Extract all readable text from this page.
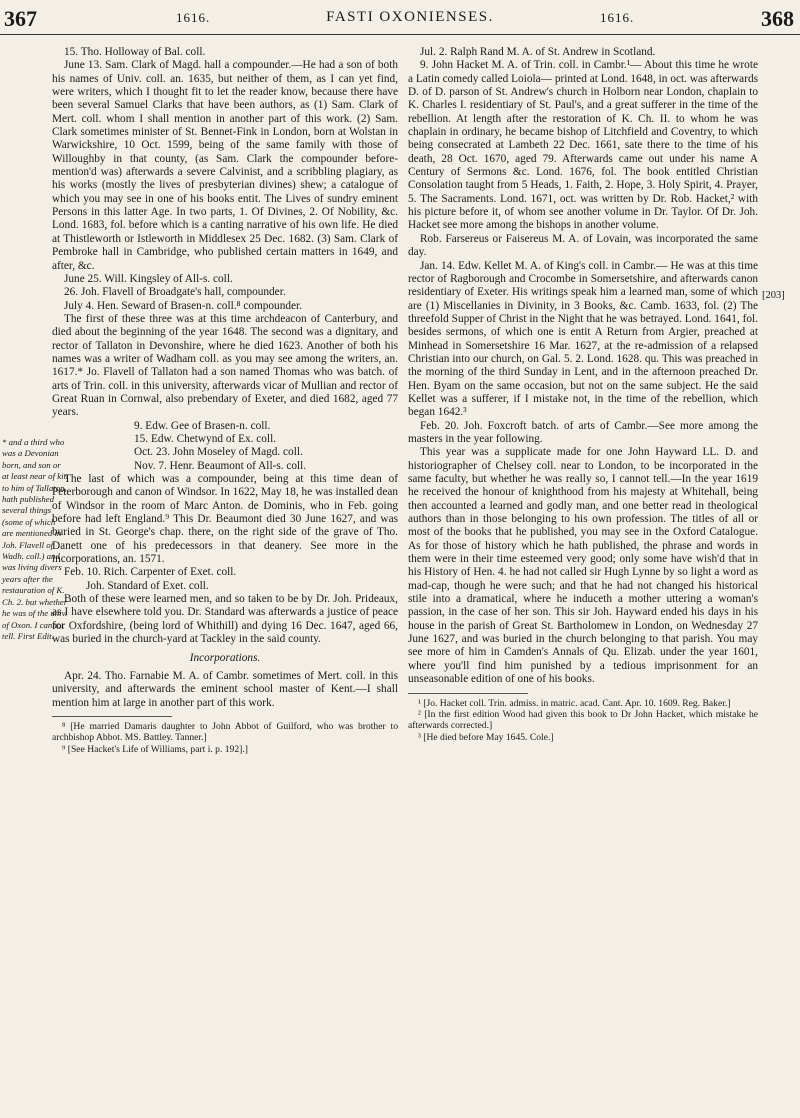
367	1616.	FASTI OXONIENSES.	1616.	368
* and a third who was a Devonian born, and son or at least near of kin to him of Tallaton, hath published several things (some of which are mentioned in Joh. Flavell of Wadh. coll.) and was living divers years after the restauration of K. Ch. 2. but whether he was of the univ. of Oxon. I cannot tell. First Edit.
[203]

15. Tho. Holloway of Bal. coll.

June 13. Sam. Clark of Magd. hall a compounder.—He had a son of both his names of Univ. coll. an. 1635, but neither of them, as I can yet find, were writers, which I thought fit to let the reader know, because there have been several Samuel Clarks that have been authors, as (1) Sam. Clark of Mert. coll. whom I shall mention in another part of this work. (2) Sam. Clark sometimes minister of St. Bennet-Fink in London, born at Wolstan in Warwickshire, 10 Oct. 1599, being of the same family with those of Willoughby in that county, (as Sam. Clark the compounder before-mention'd was) afterwards a severe Calvinist, and a scribbling plagiary, as his works (mostly the lives of presbyterian divines) shew; a catalogue of which you may see in one of his books entit. The Lives of sundry eminent Persons in this latter Age. In two parts, 1. Of Divines, 2. Of Nobility, &c. Lond. 1683, fol. before which is a canting narrative of his own life. He died at Thistleworth or Istleworth in Middlesex 25 Dec. 1682. (3) Sam. Clark of Pembroke hall in Cambridge, who published certain matters in 1649, and after, &c.

June 25. Will. Kingsley of All-s. coll.

26. Joh. Flavell of Broadgate's hall, compounder.

July 4. Hen. Seward of Brasen-n. coll.⁸ compounder.

The first of these three was at this time archdeacon of Canterbury, and died about the beginning of the year 1648. The second was a dignitary, and rector of Tallaton in Devonshire, where he died 1623. Another of both his names was a writer of Wadham coll. as you may see among the writers, an. 1617.* Jo. Flavell of Tallaton had a son named Thomas who was batch. of arts of Trin. coll. in this university, afterwards vicar of Mullian and rector of Great Ruan in Cornwal, also prebendary of Exeter, and died 1682, aged 77 years.

9. Edw. Gee of Brasen-n. coll.

15. Edw. Chetwynd of Ex. coll.

Oct. 23. John Moseley of Magd. coll.

Nov. 7. Henr. Beaumont of All-s. coll.

The last of which was a compounder, being at this time dean of Peterborough and canon of Windsor. In 1622, May 18, he was installed dean of Windsor in the room of Marc Anton. de Dominis, who in Feb. going before had left England.⁹ This Dr. Beaumont died 30 June 1627, and was buried in St. George's chap. there, on the right side of the grave of Tho. Danett one of his predecessors in that deanery. See more in the incorporations, an. 1571.

Feb. 10. Rich. Carpenter of Exet. coll.

Joh. Standard of Exet. coll.

Both of these were learned men, and so taken to be by Dr. Joh. Prideaux, as I have elsewhere told you. Dr. Standard was afterwards a justice of peace for Oxfordshire, (being lord of Whithill) and dying 16 Dec. 1647, aged 66, was buried in the church-yard at Tackley in the said county.

Incorporations.

Apr. 24. Tho. Farnabie M. A. of Cambr. sometimes of Mert. coll. in this university, and afterwards the eminent school master of Kent.—I shall mention him at large in another part of this work.

⁸ [He married Damaris daughter to John Abbot of Guilford, who was brother to archbishop Abbot. MS. Battley. Tanner.]

⁹ [See Hacket's Life of Williams, part i. p. 192].]

Jul. 2. Ralph Rand M. A. of St. Andrew in Scotland.

9. John Hacket M. A. of Trin. coll. in Cambr.¹— About this time he wrote a Latin comedy called Loiola— printed at Lond. 1648, in oct. was afterwards D. of D. parson of St. Andrew's church in Holborn near London, chaplain to K. Charles I. residentiary of St. Paul's, and a great sufferer in the time of the rebellion. At length after the restoration of K. Ch. II. to whom he was chaplain in ordinary, he became bishop of Litchfield and Coventry, to which being consecrated at Lambeth 22 Dec. 1661, sate there to the time of his death, 28 Oct. 1670, aged 79. Afterwards came out under his name A Century of Sermons &c. Lond. 1676, fol. The book entitled Christian Consolation taught from 5 Heads, 1. Faith, 2. Hope, 3. Holy Spirit, 4. Prayer, 5. The Sacraments. Lond. 1671, oct. was written by Dr. Rob. Hacket,² with his picture before it, of whom see another volume in Dr. Taylor. Of Dr. Joh. Hacket see more among the bishops in another volume.

Rob. Farsereus or Faisereus M. A. of Lovain, was incorporated the same day.

Jan. 14. Edw. Kellet M. A. of King's coll. in Cambr.— He was at this time rector of Ragborough and Crocombe in Somersetshire, and afterwards canon residentiary of Exeter. His writings speak him a learned man, some of which are (1) Miscellanies in Divinity, in 3 Books, &c. Camb. 1633, fol. (2) The threefold Supper of Christ in the Night that he was betrayed. Lond. 1641, fol. besides sermons, of which one is entit A Return from Argier, preached at Minhead in Somersetshire 16 Mar. 1627, at the re-admission of a relapsed Christian into our church, on Gal. 5. 2. Lond. 1628. qu. This was preached in the morning of the third Sunday in Lent, and in the afternoon preached Dr. Hen. Byam on the same occasion, but not on the same subject. He the said Kellet was a sufferer, if I mistake not, in the time of the rebellion, which began 1642.³

Feb. 20. Joh. Foxcroft batch. of arts of Cambr.—See more among the masters in the year following.

This year was a supplicate made for one John Hayward LL. D. and historiographer of Chelsey coll. near to London, to be incorporated in the same faculty, but whether he was really so, I cannot tell.—In the year 1619 he received the honour of knighthood from his majesty at Whitehall, being then accounted a learned and godly man, and one better read in theological authors than in those belonging to his own profession. The titles of all or most of the books that he published, you may see in the Oxford Catalogue. As for those of history which he hath published, the phrase and words in them were in their time esteemed very good; only some have wish'd that in his History of Hen. 4. he had not called sir Hugh Lynne by so light a word as mad-cap, though he were such; and that he had not changed his historical stile into a dramatical, where he induceth a mother uttering a woman's passion, in the case of her son. This sir Joh. Hayward ended his days in his house in the parish of Great St. Bartholomew in London, on Wednesday 27 June 1627, and was buried in the church belonging to that parish. You may see more of him in Camden's Annals of Qu. Elizab. under the year 1601, where you'll find him punished by a tedious imprisonment for an unseasonable edition of one of his books.

¹ [Jo. Hacket coll. Trin. admiss. in matric. acad. Cant. Apr. 10. 1609. Reg. Baker.]

² [In the first edition Wood had given this book to Dr John Hacket, which mistake he afterwards corrected.]

³ [He died before May 1645. Cole.]
